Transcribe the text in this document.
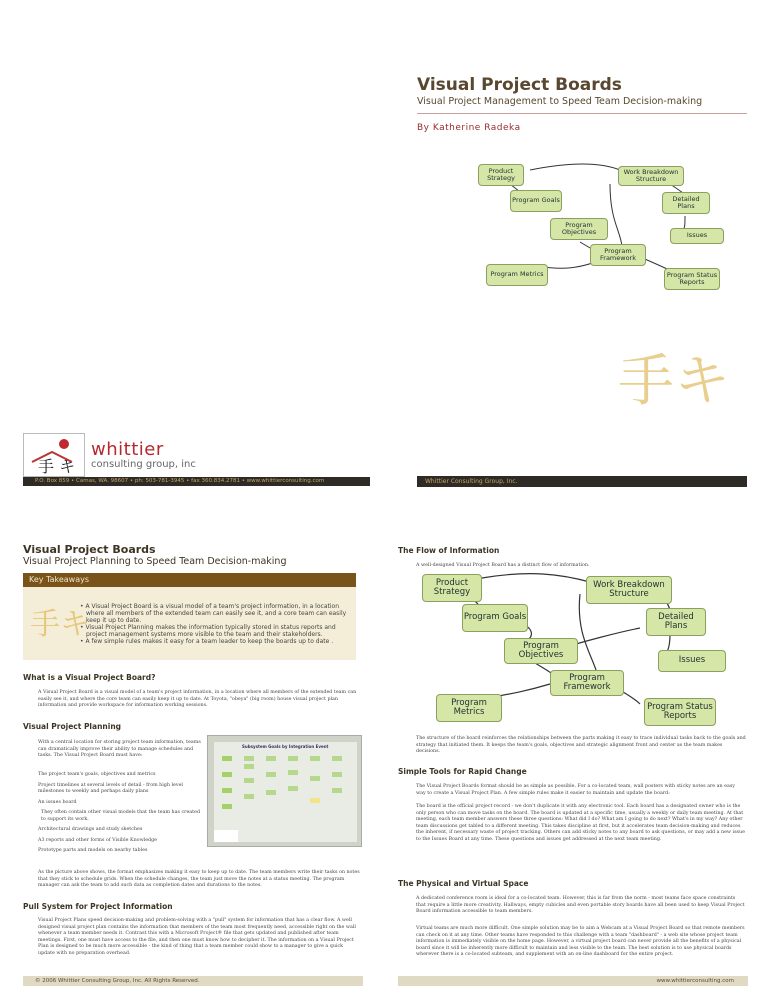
手 キ
whittier
consulting group, inc
P.O. Box 859 • Camas, WA. 98607 • ph: 503-781-3945 • fax 360.834.2781 • www.whittierconsulting.com
Visual Project Boards
Visual Project Management to Speed Team Decision-making
By Katherine Radeka
Product Strategy
Program Goals
Program Objectives
Program Metrics
Program Framework
Work Breakdown Structure
Detailed Plans
Issues
Program Status Reports
手キ
Whittier Consulting Group, Inc.
Visual Project Boards
Visual Project Planning to Speed Team Decision-making
Key Takeaways
手キ
• A Visual Project Board is a visual model of a team's project information, in a location where all members of the extended team can easily see it, and a core team can easily keep it up to date.
• Visual Project Planning makes the information typically stored in status reports and project management systems more visible to the team and their stakeholders.
• A few simple rules makes it easy for a team leader to keep the boards up to date .
What is a Visual Project Board?
A Visual Project Board is a visual model of a team's project information, in a location where all members of the extended team can easily see it, and where the core team can easily keep it up to date. At Toyota, "obeya" (big room) house visual project plan information and provide workspace for information working sessions.
Visual Project Planning
With a central location for storing project team information, teams can dramatically improve their ability to manage schedules and tasks. The Visual Project Board must have:
The project team's goals, objectives and metrics
Project timelines at several levels of detail - from high level milestones to weekly and perhaps daily plans
An issues board
They often contain other visual models that the team has created to support its work.
Architectural drawings and study sketches
A3 reports and other forms of Visible Knowledge
Prototype parts and models on nearby tables
Subsystem Goals by Integration Event
As the picture above shows, the format emphasizes making it easy to keep up to date. The team members write their tasks on notes that they stick to schedule grids. When the schedule changes, the team just move the notes at a status meeting. The program manager can ask the team to add such data as completion dates and durations to the notes.
Pull System for Project Information
Visual Project Plans speed decision-making and problem-solving with a "pull" system for information that has a clear flow. A well designed visual project plan contains the information that members of the team most frequently need, accessible right on the wall whenever a team member needs it. Contrast this with a Microsoft Project® file that gets updated and published after team meetings. First, one must have access to the file, and then one must know how to decipher it. The information on a Visual Project Plan is designed to be much more accessible - the kind of thing that a team member could show to a manager to give a quick update with no preparation overhead.
© 2006 Whittier Consulting Group, Inc. All Rights Reserved.
The Flow of Information
A well-designed Visual Project Board has a distinct flow of information.
Product Strategy
Program Goals
Program Objectives
Program Metrics
Program Framework
Work Breakdown Structure
Detailed Plans
Issues
Program Status Reports
The structure of the board reinforces the relationships between the parts making it easy to trace individual tasks back to the goals and strategy that initiated them. It keeps the team's goals, objectives and strategic alignment front and center as the team makes decisions.
Simple Tools for Rapid Change
The Visual Project Boards format should be as simple as possible. For a co-located team, wall posters with sticky notes are an easy way to create a Visual Project Plan. A few simple rules make it easier to maintain and update the board:
The board is the official project record - we don't duplicate it with any electronic tool. Each board has a designated owner who is the only person who can move tasks on the board. The board is updated at a specific time, usually a weekly or daily team meeting. At that meeting, each team member answers these three questions: What did I do? What am I going to do next? What's in my way? Any other team discussions get tabled to a different meeting. This takes discipline at first, but it accelerates team decision-making and reduces the inherent, if necessary waste of project tracking. Others can add sticky notes to any board to ask questions, or may add a new issue to the Issues Board at any time. These questions and issues get addressed at the next team meeting.
The Physical and Virtual Space
A dedicated conference room is ideal for a co-located team. However, this is far from the norm - most teams face space constraints that require a little more creativity. Hallways, empty cubicles and even portable story boards have all been used to keep Visual Project Board information accessible to team members.
Virtual teams are much more difficult. One simple solution may be to aim a Webcam at a Visual Project Board so that remote members can check on it at any time. Other teams have responded to this challenge with a team "dashboard" - a web site whose project team information is immediately visible on the home page. However, a virtual project board can never provide all the benefits of a physical board since it will be inherently more difficult to maintain and less visible to the team. The best solution is to use physical boards wherever there is a co-located subteam, and supplement with an on-line dashboard for the entire project.
www.whittierconsulting.com
